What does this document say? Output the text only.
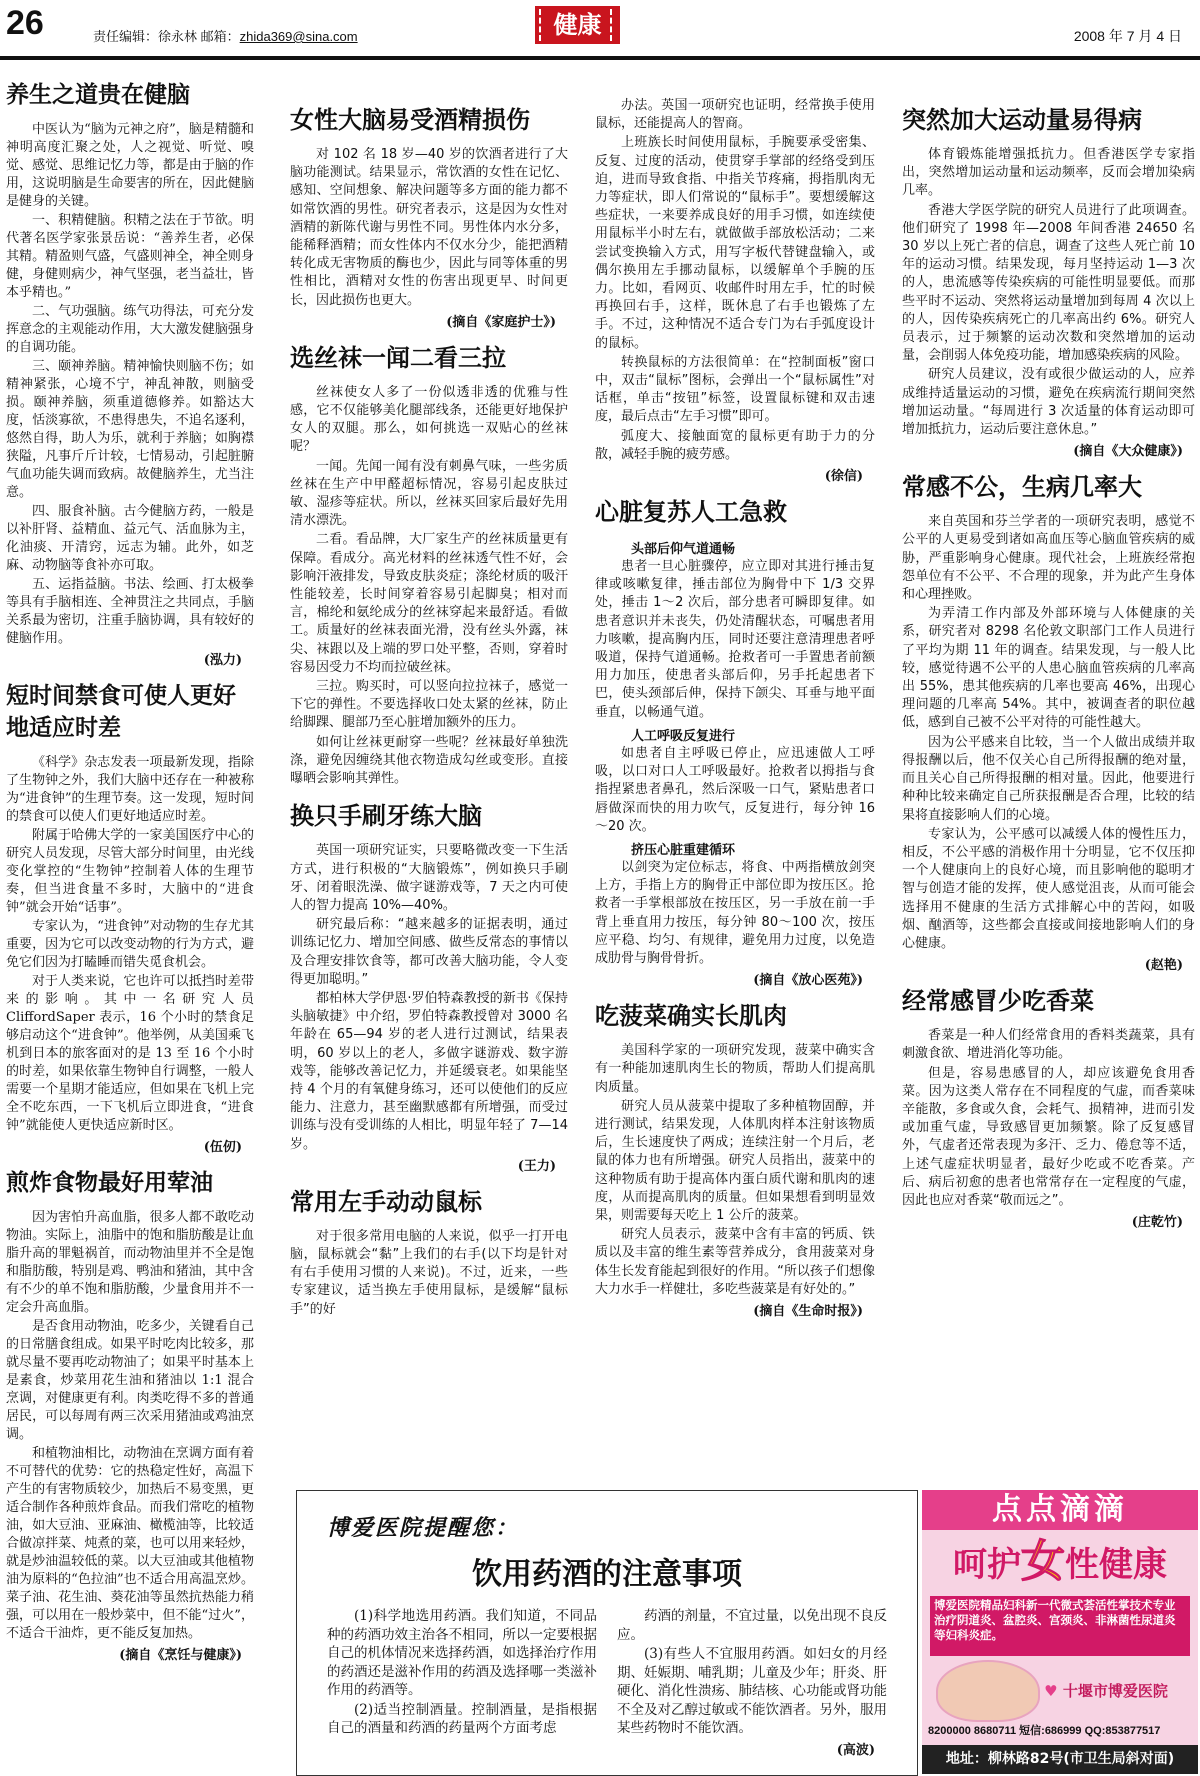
26	责任编辑：徐永林 邮箱：zhida369@sina.com	健康	2008 年 7 月 4 日
养生之道贵在健脑

中医认为“脑为元神之府”，脑是精髓和神明高度汇聚之处，人之视觉、听觉、嗅觉、感觉、思维记忆力等，都是由于脑的作用，这说明脑是生命要害的所在，因此健脑是健身的关键。

一、积精健脑。积精之法在于节欲。明代著名医学家张景岳说：“善养生者，必保其精。精盈则气盛，气盛则神全，神全则身健，身健则病少，神气坚强，老当益壮，皆本乎精也。”

二、气功强脑。练气功得法，可充分发挥意念的主观能动作用，大大激发健脑强身的自调功能。

三、颐神养脑。精神愉快则脑不伤；如精神紧张，心境不宁，神乱神散，则脑受损。颐神养脑，须重道德修养。如豁达大度，恬淡寡欲，不患得患失，不追名逐利，悠然自得，助人为乐，就利于养脑；如胸襟狭隘，凡事斤斤计较，七情易动，引起脏腑气血功能失调而致病。故健脑养生，尤当注意。

四、服食补脑。古今健脑方药，一般是以补肝肾、益精血、益元气、活血脉为主，化油痰、开清窍，远志为辅。此外，如芝麻、动物脑等食补亦可取。

五、运指益脑。书法、绘画、打太极拳等具有手脑相连、全神贯注之共同点，手脑关系最为密切，注重手脑协调，具有较好的健脑作用。

(泓力)
短时间禁食可使人更好地适应时差

《科学》杂志发表一项最新发现，指除了生物钟之外，我们大脑中还存在一种被称为“进食钟”的生理节奏。这一发现，短时间的禁食可以使人们更好地适应时差。

附属于哈佛大学的一家美国医疗中心的研究人员发现，尽管大部分时间里，由光线变化掌控的“生物钟”控制着人体的生理节奏，但当进食量不多时，大脑中的“进食钟”就会开始“话事”。

专家认为，“进食钟”对动物的生存尤其重要，因为它可以改变动物的行为方式，避免它们因为打瞌睡而错失觅食机会。

对于人类来说，它也许可以抵挡时差带来的影响。其中一名研究人员 CliffordSaper 表示，16 个小时的禁食足够启动这个“进食钟”。他举例，从美国乘飞机到日本的旅客面对的是 13 至 16 个小时的时差，如果依靠生物钟自行调整，一般人需要一个星期才能适应，但如果在飞机上完全不吃东西，一下飞机后立即进食，“进食钟”就能使人更快适应新时区。

(伍仞)
煎炸食物最好用荤油

因为害怕升高血脂，很多人都不敢吃动物油。实际上，油脂中的饱和脂肪酸是让血脂升高的罪魁祸首，而动物油里并不全是饱和脂肪酸，特别是鸡、鸭油和猪油，其中含有不少的单不饱和脂肪酸，少量食用并不一定会升高血脂。

是否食用动物油，吃多少，关键看自己的日常膳食组成。如果平时吃肉比较多，那就尽量不要再吃动物油了；如果平时基本上是素食，炒菜用花生油和猪油以 1:1 混合烹调，对健康更有利。肉类吃得不多的普通居民，可以每周有两三次采用猪油或鸡油烹调。

和植物油相比，动物油在烹调方面有着不可替代的优势：它的热稳定性好，高温下产生的有害物质较少，加热后不易变黑，更适合制作各种煎炸食品。而我们常吃的植物油，如大豆油、亚麻油、橄榄油等，比较适合做凉拌菜、炖煮的菜，也可以用来轻炒，就是炒油温较低的菜。以大豆油或其他植物油为原料的“色拉油”也不适合用高温烹炒。菜子油、花生油、葵花油等虽然抗热能力稍强，可以用在一般炒菜中，但不能“过火”，不适合干油炸，更不能反复加热。

(摘自《烹饪与健康》)
女性大脑易受酒精损伤

对 102 名 18 岁—40 岁的饮酒者进行了大脑功能测试。结果显示，常饮酒的女性在记忆、感知、空间想象、解决问题等多方面的能力都不如常饮酒的男性。研究者表示，这是因为女性对酒精的新陈代谢与男性不同。男性体内水分多，能稀释酒精；而女性体内不仅水分少，能把酒精转化成无害物质的酶也少，因此与同等体重的男性相比，酒精对女性的伤害出现更早、时间更长，因此损伤也更大。

(摘自《家庭护士》)
选丝袜一闻二看三拉

丝袜使女人多了一份似透非透的优雅与性感，它不仅能够美化腿部线条，还能更好地保护女人的双腿。那么，如何挑选一双贴心的丝袜呢？

一闻。先闻一闻有没有刺鼻气味，一些劣质丝袜在生产中甲醛超标情况，容易引起皮肤过敏、湿疹等症状。所以，丝袜买回家后最好先用清水漂洗。

二看。看品牌，大厂家生产的丝袜质量更有保障。看成分。高光材料的丝袜透气性不好，会影响汗液排发，导致皮肤炎症；涤纶材质的吸汗性能较差，长时间穿着容易引起脚臭；相对而言，棉纶和氨纶成分的丝袜穿起来最舒适。看做工。质量好的丝袜表面光滑，没有丝头外露，袜尖、袜跟以及上端的罗口处平整，否则，穿着时容易因受力不均而拉破丝袜。

三拉。购买时，可以竖向拉拉袜子，感觉一下它的弹性。不要选择收口处太紧的丝袜，防止给脚踝、腿部乃至心脏增加额外的压力。

如何让丝袜更耐穿一些呢？丝袜最好单独洗涤，避免因缠绕其他衣物造成勾丝或变形。直接曝晒会影响其弹性。

换只手刷牙练大脑

英国一项研究证实，只要略微改变一下生活方式，进行积极的“大脑锻炼”，例如换只手刷牙、闭着眼洗澡、做字谜游戏等，7 天之内可使人的智力提高 10%—40%。

研究最后称：“越来越多的证据表明，通过训练记忆力、增加空间感、做些反常态的事情以及合理安排饮食等，都可改善大脑功能，令人变得更加聪明。”

都柏林大学伊恩·罗伯特森教授的新书《保持头脑敏捷》中介绍，罗伯特森教授曾对 3000 名年龄在 65—94 岁的老人进行过测试，结果表明，60 岁以上的老人，多做字谜游戏、数字游戏等，能够改善记忆力，并延缓衰老。如果能坚持 4 个月的有氧健身练习，还可以使他们的反应能力、注意力，甚至幽默感都有所增强，而受过训练与没有受训练的人相比，明显年轻了 7—14 岁。

(王力)
常用左手动动鼠标

对于很多常用电脑的人来说，似乎一打开电脑，鼠标就会“黏”上我们的右手(以下均是针对有右手使用习惯的人来说)。不过，近来，一些专家建议，适当换左手使用鼠标，是缓解“鼠标手”的好

办法。英国一项研究也证明，经常换手使用鼠标，还能提高人的智商。

上班族长时间使用鼠标，手腕要承受密集、反复、过度的活动，使贯穿手掌部的经络受到压迫，进而导致食指、中指关节疼痛，拇指肌肉无力等症状，即人们常说的“鼠标手”。要想缓解这些症状，一来要养成良好的用手习惯，如连续使用鼠标半小时左右，就做做手部放松活动；二来尝试变换输入方式，用写字板代替键盘输入，或偶尔换用左手挪动鼠标，以缓解单个手腕的压力。比如，看网页、收邮件时用左手，忙的时候再换回右手，这样，既休息了右手也锻炼了左手。不过，这种情况不适合专门为右手弧度设计的鼠标。

转换鼠标的方法很简单：在“控制面板”窗口中，双击“鼠标”图标，会弹出一个“鼠标属性”对话框，单击“按钮”标签，设置鼠标键和双击速度，最后点击“左手习惯”即可。

弧度大、接触面宽的鼠标更有助于力的分散，减轻手腕的疲劳感。

(徐信)
心脏复苏人工急救
头部后仰气道通畅

患者一旦心脏骤停，应立即对其进行捶击复律或咳嗽复律，捶击部位为胸骨中下 1/3 交界处，捶击 1～2 次后，部分患者可瞬即复律。如患者意识并未丧失，仍处清醒状态，可嘱患者用力咳嗽，提高胸内压，同时还要注意清理患者呼吸道，保持气道通畅。抢救者可一手置患者前额用力加压，使患者头部后仰，另手托起患者下巴，使头颈部后伸，保持下颌尖、耳垂与地平面垂直，以畅通气道。

人工呼吸反复进行

如患者自主呼吸已停止，应迅速做人工呼吸，以口对口人工呼吸最好。抢救者以拇指与食指捏紧患者鼻孔，然后深吸一口气，紧贴患者口唇做深而快的用力吹气，反复进行，每分钟 16～20 次。

挤压心脏重建循环

以剑突为定位标志，将食、中两指横放剑突上方，手指上方的胸骨正中部位即为按压区。抢救者一手掌根部放在按压区，另一手放在前一手背上垂直用力按压，每分钟 80～100 次，按压应平稳、均匀、有规律，避免用力过度，以免造成肋骨与胸骨骨折。

(摘自《放心医苑》)
吃菠菜确实长肌肉

美国科学家的一项研究发现，菠菜中确实含有一种能加速肌肉生长的物质，帮助人们提高肌肉质量。

研究人员从菠菜中提取了多种植物固醇，并进行测试，结果发现，人体肌肉样本注射该物质后，生长速度快了两成；连续注射一个月后，老鼠的体力也有所增强。研究人员指出，菠菜中的这种物质有助于提高体内蛋白质代谢和肌肉的速度，从而提高肌肉的质量。但如果想看到明显效果，则需要每天吃上 1 公斤的菠菜。

研究人员表示，菠菜中含有丰富的钙质、铁质以及丰富的维生素等营养成分，食用菠菜对身体生长发育能起到很好的作用。“所以孩子们想像大力水手一样健壮，多吃些菠菜是有好处的。”

(摘自《生命时报》)
突然加大运动量易得病

体育锻炼能增强抵抗力。但香港医学专家指出，突然增加运动量和运动频率，反而会增加染病几率。

香港大学医学院的研究人员进行了此项调查。他们研究了 1998 年—2008 年间香港 24650 名 30 岁以上死亡者的信息，调查了这些人死亡前 10 年的运动习惯。结果发现，每月坚持运动 1—3 次的人，患流感等传染疾病的可能性明显要低。而那些平时不运动、突然将运动量增加到每周 4 次以上的人，因传染疾病死亡的几率高出约 6%。研究人员表示，过于频繁的运动次数和突然增加的运动量，会削弱人体免疫功能，增加感染疾病的风险。

研究人员建议，没有或很少做运动的人，应养成维持适量运动的习惯，避免在疾病流行期间突然增加运动量。“每周进行 3 次适量的体育运动即可增加抵抗力，运动后要注意休息。”

(摘自《大众健康》)
常感不公，生病几率大

来自英国和芬兰学者的一项研究表明，感觉不公平的人更易受到诸如高血压等心脑血管疾病的威胁，严重影响身心健康。现代社会，上班族经常抱怨单位有不公平、不合理的现象，并为此产生身体和心理挫败。

为弄清工作内部及外部环境与人体健康的关系，研究者对 8298 名伦敦文职部门工作人员进行了平均为期 11 年的调查。结果发现，与一般人比较，感觉待遇不公平的人患心脑血管疾病的几率高出 55%，患其他疾病的几率也要高 46%，出现心理问题的几率高 54%。其中，被调查者的职位越低，感到自己被不公平对待的可能性越大。

因为公平感来自比较，当一个人做出成绩并取得报酬以后，他不仅关心自己所得报酬的绝对量，而且关心自己所得报酬的相对量。因此，他要进行种种比较来确定自己所获报酬是否合理，比较的结果将直接影响人们的心境。

专家认为，公平感可以减缓人体的慢性压力，相反，不公平感的消极作用十分明显，它不仅压抑一个人健康向上的良好心境，而且影响他的聪明才智与创造才能的发挥，使人感觉沮丧，从而可能会选择用不健康的生活方式排解心中的苦闷，如吸烟、酗酒等，这些都会直接或间接地影响人们的身心健康。

(赵艳)
经常感冒少吃香菜

香菜是一种人们经常食用的香料类蔬菜，具有刺激食欲、增进消化等功能。

但是，容易患感冒的人，却应该避免食用香菜。因为这类人常存在不同程度的气虚，而香菜味辛能散，多食或久食，会耗气、损精神，进而引发或加重气虚，导致感冒更加频繁。除了反复感冒外，气虚者还常表现为多汗、乏力、倦怠等不适，上述气虚症状明显者，最好少吃或不吃香菜。产后、病后初愈的患者也常常存在一定程度的气虚，因此也应对香菜“敬而远之”。

(庄乾竹)
博爱医院提醒您：
饮用药酒的注意事项

(1)科学地选用药酒。我们知道，不同品种的药酒功效主治各不相同，所以一定要根据自己的机体情况来选择药酒，如选择治疗作用的药酒还是滋补作用的药酒及选择哪一类滋补作用的药酒等。

(2)适当控制酒量。控制酒量，是指根据自己的酒量和药酒的药量两个方面考虑

药酒的剂量，不宜过量，以免出现不良反应。

(3)有些人不宜服用药酒。如妇女的月经期、妊娠期、哺乳期；儿童及少年；肝炎、肝硬化、消化性溃疡、肺结核、心功能或肾功能不全及对乙醇过敏或不能饮酒者。另外，服用某些药物时不能饮酒。

(高波)
点点滴滴
呵护女性健康
博爱医院精品妇科新一代微式荟活性掌技术专业治疗阴道炎、盆腔炎、宫颈炎、非淋菌性尿道炎等妇科炎症。
♥ 十堰市博爱医院
8200000 8680711 短信:686999 QQ:853877517
地址：柳林路82号(市卫生局斜对面)
